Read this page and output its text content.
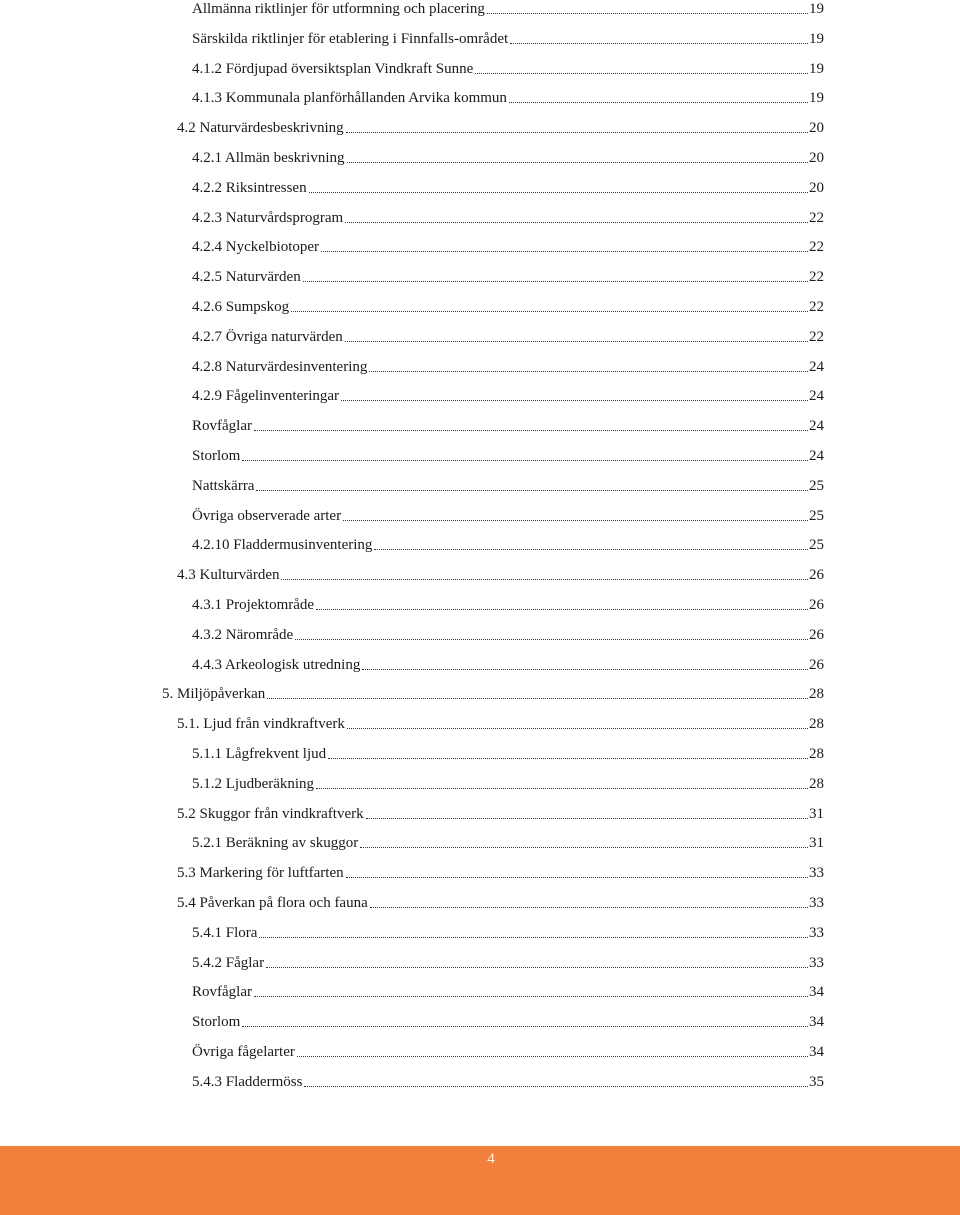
Allmänna riktlinjer för utformning och placering	19
Särskilda riktlinjer för etablering i Finnfalls-området	19
4.1.2 Fördjupad översiktsplan Vindkraft Sunne	19
4.1.3 Kommunala planförhållanden Arvika kommun	19
4.2 Naturvärdesbeskrivning	20
4.2.1 Allmän beskrivning	20
4.2.2 Riksintressen	20
4.2.3 Naturvårdsprogram	22
4.2.4 Nyckelbiotoper	22
4.2.5 Naturvärden	22
4.2.6 Sumpskog	22
4.2.7 Övriga naturvärden	22
4.2.8 Naturvärdesinventering	24
4.2.9 Fågelinventeringar	24
Rovfåglar	24
Storlom	24
Nattskärra	25
Övriga observerade arter	25
4.2.10 Fladdermusinventering	25
4.3 Kulturvärden	26
4.3.1 Projektområde	26
4.3.2 Närområde	26
4.4.3 Arkeologisk utredning	26
5. Miljöpåverkan	28
5.1. Ljud från vindkraftverk	28
5.1.1 Lågfrekvent ljud	28
5.1.2 Ljudberäkning	28
5.2 Skuggor från vindkraftverk	31
5.2.1 Beräkning av skuggor	31
5.3 Markering för luftfarten	33
5.4 Påverkan på flora och fauna	33
5.4.1 Flora	33
5.4.2 Fåglar	33
Rovfåglar	34
Storlom	34
Övriga fågelarter	34
5.4.3 Fladdermöss	35
4
